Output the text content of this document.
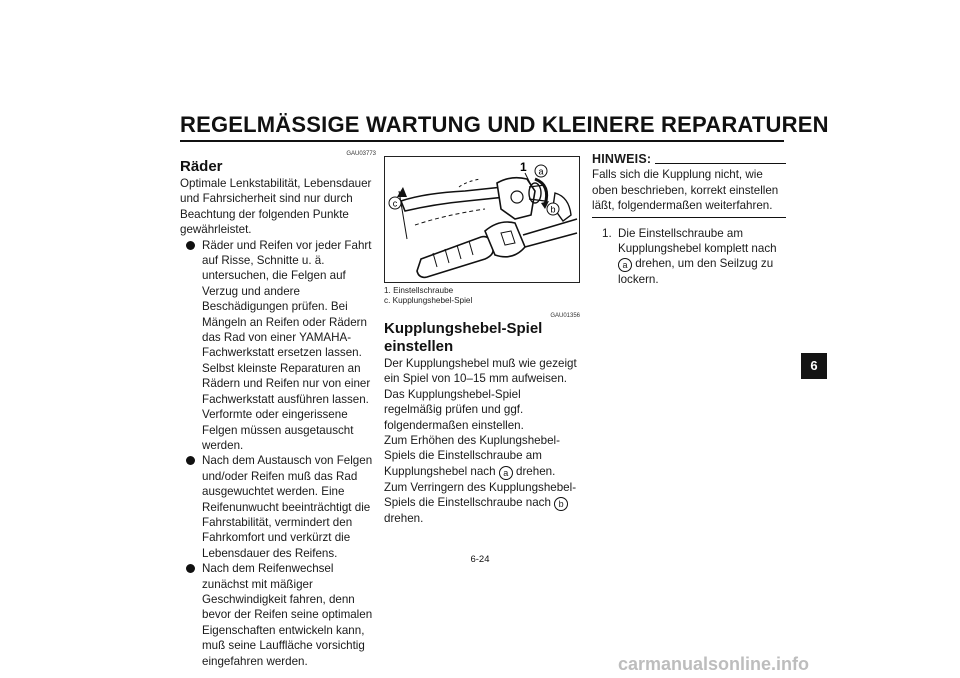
REGELMÄSSIGE WARTUNG UND KLEINERE REPARATUREN
GAU03773
Räder

Optimale Lenkstabilität, Lebensdauer und Fahrsicherheit sind nur durch Beachtung der folgenden Punkte gewährleistet.

Räder und Reifen vor jeder Fahrt auf Risse, Schnitte u. ä. untersuchen, die Felgen auf Verzug und andere Beschädigungen prüfen. Bei Mängeln an Reifen oder Rädern das Rad von einer YAMAHA-Fachwerkstatt ersetzen lassen. Selbst kleinste Reparaturen an Rädern und Reifen nur von einer Fachwerkstatt ausführen lassen. Verformte oder eingerissene Felgen müssen ausgetauscht werden.
Nach dem Austausch von Felgen und/oder Reifen muß das Rad ausgewuchtet werden. Eine Reifenunwucht beeinträchtigt die Fahrstabilität, vermindert den Fahrkomfort und verkürzt die Lebensdauer des Reifens.
Nach dem Reifenwechsel zunächst mit mäßiger Geschwindigkeit fahren, denn bevor der Reifen seine optimalen Eigenschaften entwickeln kann, muß seine Lauffläche vorsichtig eingefahren werden.
c
1 a
b
1. Einstellschraube
c. Kupplungshebel-Spiel
GAU01356
Kupplungshebel-Spiel einstellen

Der Kupplungshebel muß wie gezeigt ein Spiel von 10–15 mm aufweisen. Das Kupplungshebel-Spiel regelmäßig prüfen und ggf. folgendermaßen einstellen.

Zum Erhöhen des Kuplungshebel-Spiels die Einstellschraube am Kupplungshebel nach a drehen. Zum Verringern des Kupplungshebel-Spiels die Einstellschraube nach b drehen.

HINWEIS:

Falls sich die Kupplung nicht, wie oben beschrieben, korrekt einstellen läßt, folgendermaßen weiterfahren.

1. Die Einstellschraube am Kupplungshebel komplett nach a drehen, um den Seilzug zu lockern.
6
6-24
carmanualsonline.info
